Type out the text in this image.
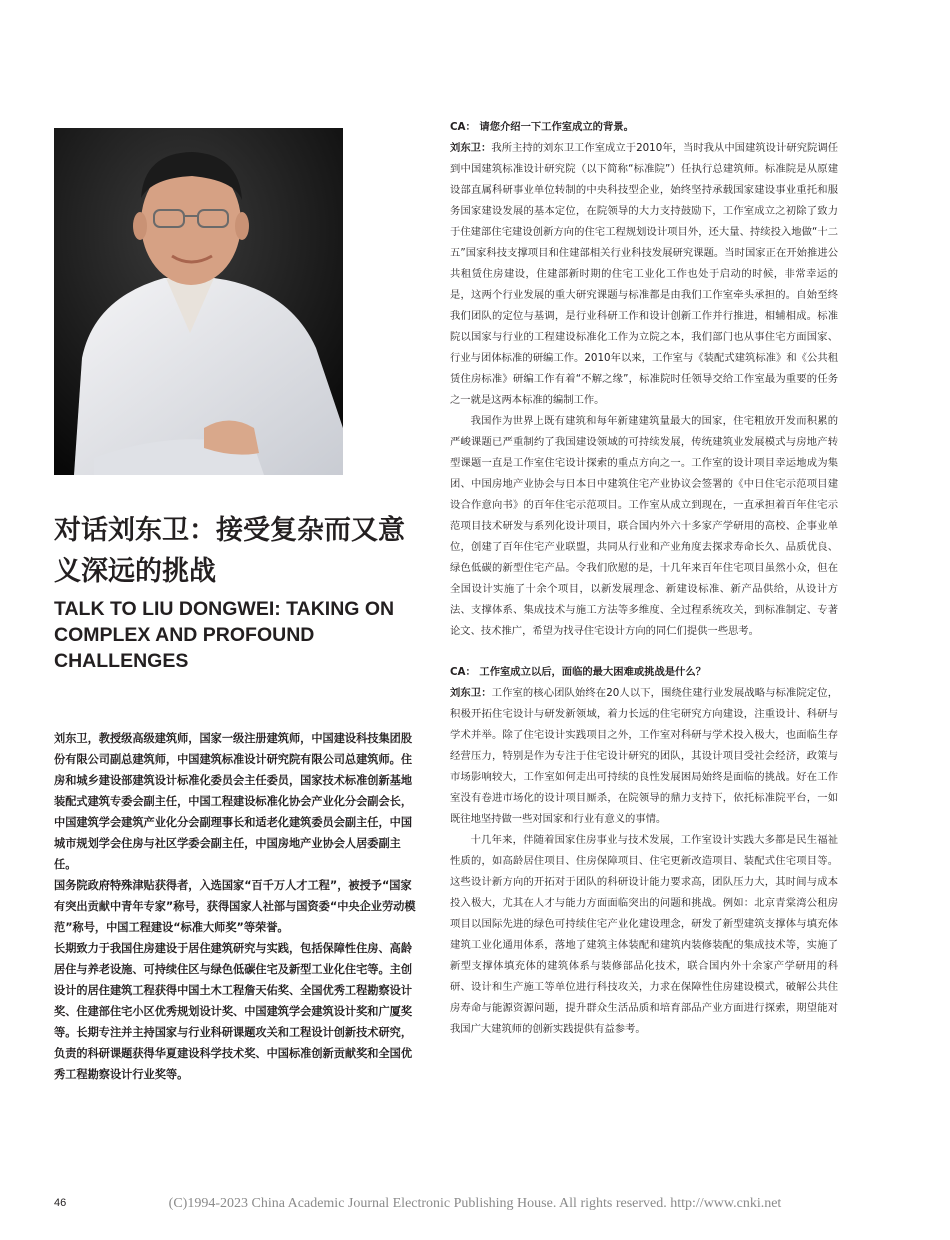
对话刘东卫：接受复杂而又意义深远的挑战
TALK TO LIU DONGWEI: TAKING ON COMPLEX AND PROFOUND CHALLENGES

刘东卫，教授级高级建筑师，国家一级注册建筑师，中国建设科技集团股份有限公司副总建筑师，中国建筑标准设计研究院有限公司总建筑师。住房和城乡建设部建筑设计标准化委员会主任委员，国家技术标准创新基地装配式建筑专委会副主任，中国工程建设标准化协会产业化分会副会长，中国建筑学会建筑产业化分会副理事长和适老化建筑委员会副主任，中国城市规划学会住房与社区学委会副主任，中国房地产业协会人居委副主任。

国务院政府特殊津贴获得者，入选国家“百千万人才工程”，被授予“国家有突出贡献中青年专家”称号，获得国家人社部与国资委“中央企业劳动模范”称号，中国工程建设“标准大师奖”等荣誉。

长期致力于我国住房建设于居住建筑研究与实践，包括保障性住房、高龄居住与养老设施、可持续住区与绿色低碳住宅及新型工业化住宅等。主创设计的居住建筑工程获得中国土木工程詹天佑奖、全国优秀工程勘察设计奖、住建部住宅小区优秀规划设计奖、中国建筑学会建筑设计奖和广厦奖等。长期专注并主持国家与行业科研课题攻关和工程设计创新技术研究，负责的科研课题获得华夏建设科学技术奖、中国标准创新贡献奖和全国优秀工程勘察设计行业奖等。

CA： 请您介绍一下工作室成立的背景。

刘东卫：我所主持的刘东卫工作室成立于2010年，当时我从中国建筑设计研究院调任到中国建筑标准设计研究院（以下简称“标准院”）任执行总建筑师。标准院是从原建设部直属科研事业单位转制的中央科技型企业，始终坚持承载国家建设事业重托和服务国家建设发展的基本定位，在院领导的大力支持鼓励下，工作室成立之初除了致力于住建部住宅建设创新方向的住宅工程规划设计项目外，还大量、持续投入地做“十二五”国家科技支撑项目和住建部相关行业科技发展研究课题。当时国家正在开始推进公共租赁住房建设，住建部新时期的住宅工业化工作也处于启动的时候，非常幸运的是，这两个行业发展的重大研究课题与标准都是由我们工作室牵头承担的。自始至终我们团队的定位与基调，是行业科研工作和设计创新工作并行推进，相辅相成。标准院以国家与行业的工程建设标准化工作为立院之本，我们部门也从事住宅方面国家、行业与团体标准的研编工作。2010年以来，工作室与《装配式建筑标准》和《公共租赁住房标准》研编工作有着“不解之缘”，标准院时任领导交给工作室最为重要的任务之一就是这两本标准的编制工作。

我国作为世界上既有建筑和每年新建建筑量最大的国家，住宅粗放开发而积累的严峻课题已严重制约了我国建设领域的可持续发展，传统建筑业发展模式与房地产转型课题一直是工作室住宅设计探索的重点方向之一。工作室的设计项目幸运地成为集团、中国房地产业协会与日本日中建筑住宅产业协议会签署的《中日住宅示范项目建设合作意向书》的百年住宅示范项目。工作室从成立到现在，一直承担着百年住宅示范项目技术研发与系列化设计项目，联合国内外六十多家产学研用的高校、企事业单位，创建了百年住宅产业联盟，共同从行业和产业角度去探求寿命长久、品质优良、绿色低碳的新型住宅产品。令我们欣慰的是，十几年来百年住宅项目虽然小众，但在全国设计实施了十余个项目，以新发展理念、新建设标准、新产品供给，从设计方法、支撑体系、集成技术与施工方法等多维度、全过程系统攻关，到标准制定、专著论文、技术推广，希望为找寻住宅设计方向的同仁们提供一些思考。

CA： 工作室成立以后，面临的最大困难或挑战是什么？

刘东卫：工作室的核心团队始终在20人以下，围绕住建行业发展战略与标准院定位，积极开拓住宅设计与研发新领域，着力长远的住宅研究方向建设，注重设计、科研与学术并举。除了住宅设计实践项目之外，工作室对科研与学术投入极大，也面临生存经营压力，特别是作为专注于住宅设计研究的团队，其设计项目受社会经济，政策与市场影响较大，工作室如何走出可持续的良性发展困局始终是面临的挑战。好在工作室没有卷进市场化的设计项目厮杀，在院领导的鼎力支持下，依托标准院平台，一如既往地坚持做一些对国家和行业有意义的事情。

十几年来，伴随着国家住房事业与技术发展，工作室设计实践大多都是民生福祉性质的，如高龄居住项目、住房保障项目、住宅更新改造项目、装配式住宅项目等。这些设计新方向的开拓对于团队的科研设计能力要求高，团队压力大，其时间与成本投入极大，尤其在人才与能力方面面临突出的问题和挑战。例如：北京青棠湾公租房项目以国际先进的绿色可持续住宅产业化建设理念，研发了新型建筑支撑体与填充体建筑工业化通用体系，落地了建筑主体装配和建筑内装修装配的集成技术等，实施了新型支撑体填充体的建筑体系与装修部品化技术，联合国内外十余家产学研用的科研、设计和生产施工等单位进行科技攻关，力求在保障性住房建设模式，破解公共住房寿命与能源资源问题，提升群众生活品质和培育部品产业方面进行探索，期望能对我国广大建筑师的创新实践提供有益参考。

46	(C)1994-2023 China Academic Journal Electronic Publishing House. All rights reserved. http://www.cnki.net
